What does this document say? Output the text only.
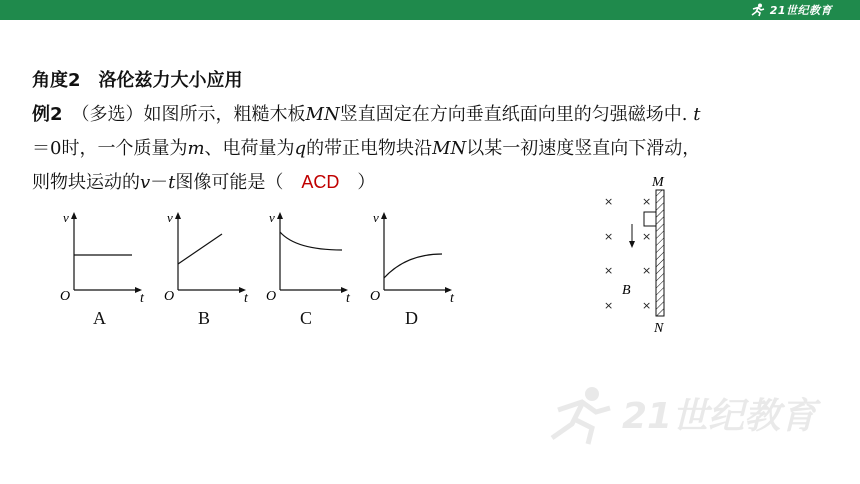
21世纪教育
角度2　洛伦兹力大小应用
例2　 （多选）如图所示，粗糙木板MN竖直固定在方向垂直纸面向里的匀强磁场中. t
＝0时，一个质量为m、电荷量为q的带正电物块沿MN以某一初速度竖直向下滑动，
则物块运动的v－t图像可能是（ ACD ）
v
t
O
A
v
t
O
B
v
t
O
C
v
t
O
D
M
N
B
×	×
×	×
×	×
×	×
21世纪教育
